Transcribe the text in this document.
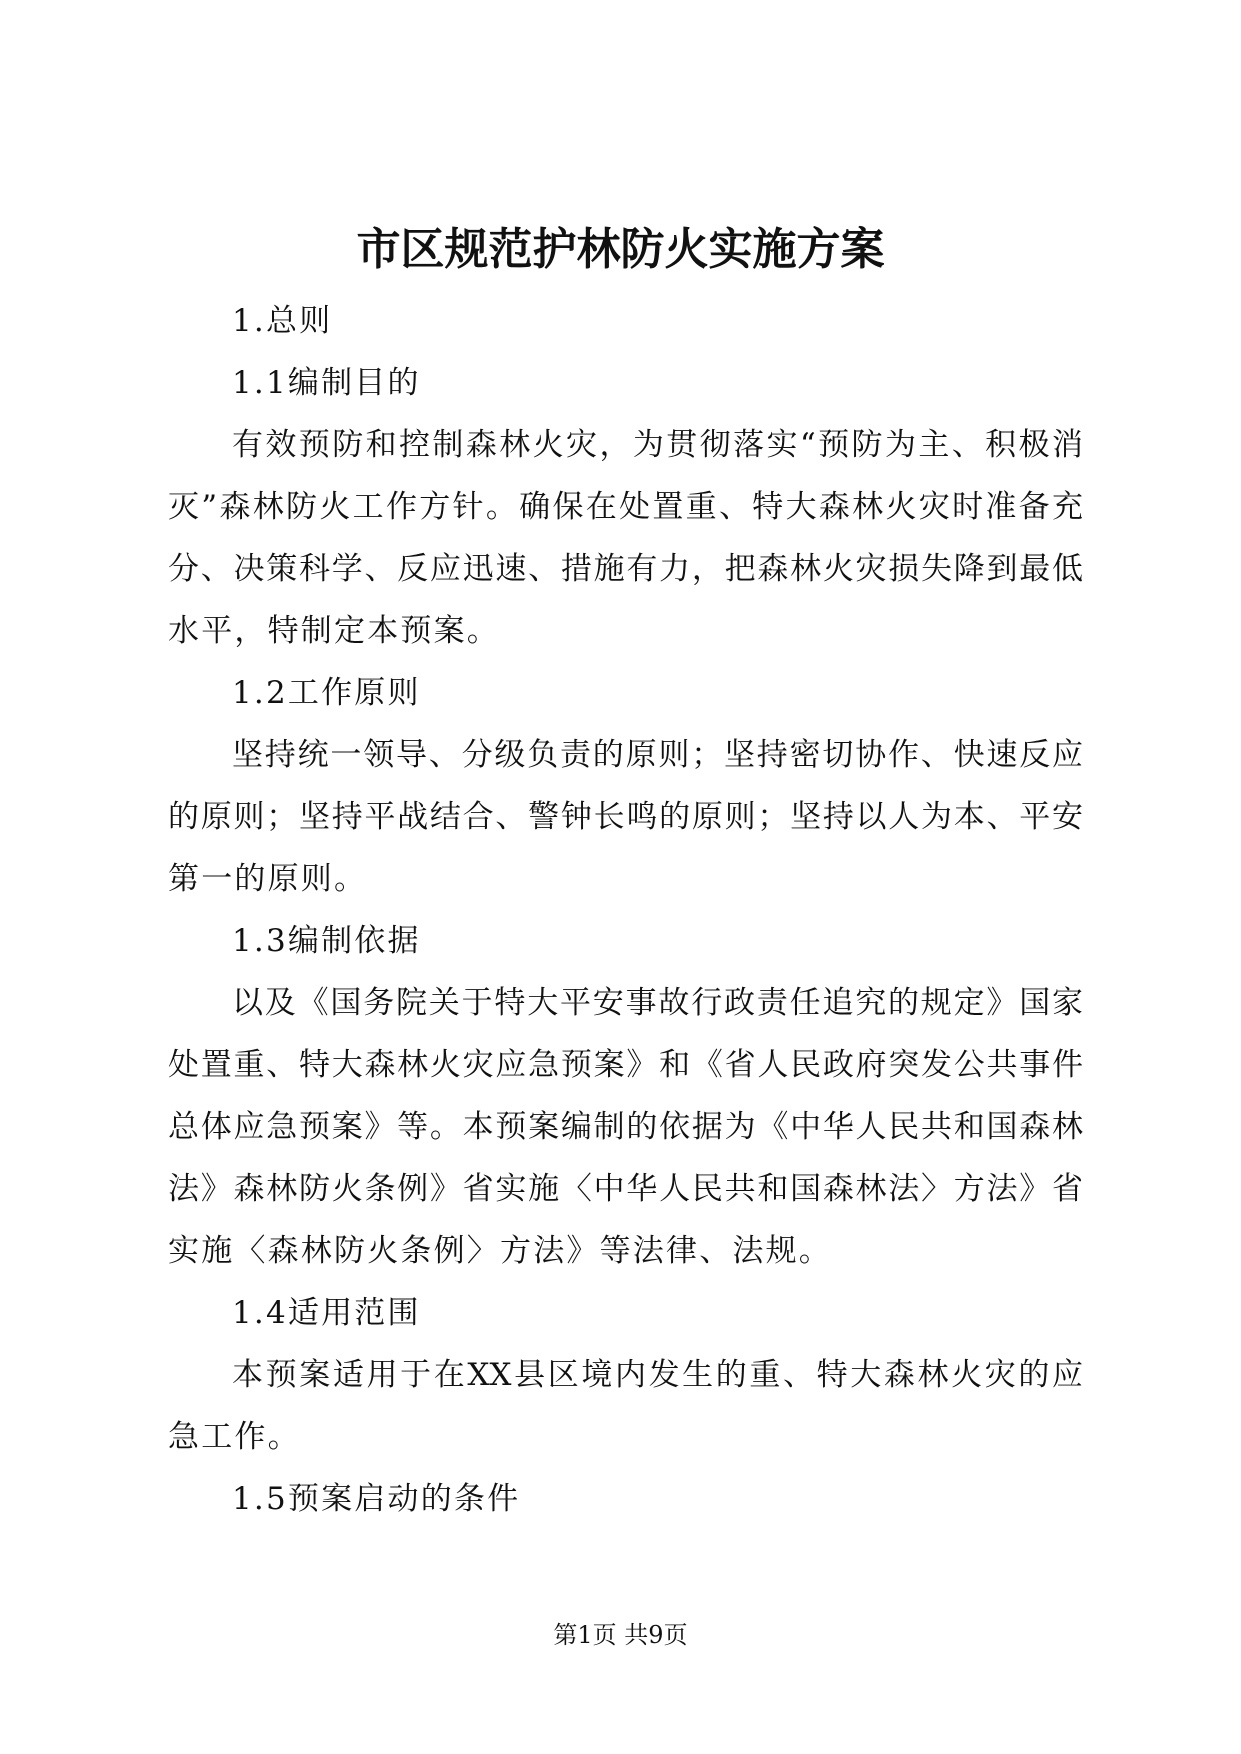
市区规范护林防火实施方案
1.总则
1.1编制目的
有效预防和控制森林火灾，为贯彻落实“预防为主、积极消
灭”森林防火工作方针。确保在处置重、特大森林火灾时准备充
分、决策科学、反应迅速、措施有力，把森林火灾损失降到最低
水平，特制定本预案。
1.2工作原则
坚持统一领导、分级负责的原则；坚持密切协作、快速反应
的原则；坚持平战结合、警钟长鸣的原则；坚持以人为本、平安
第一的原则。
1.3编制依据
以及《国务院关于特大平安事故行政责任追究的规定》国家
处置重、特大森林火灾应急预案》和《省人民政府突发公共事件
总体应急预案》等。本预案编制的依据为《中华人民共和国森林
法》森林防火条例》省实施〈中华人民共和国森林法〉方法》省
实施〈森林防火条例〉方法》等法律、法规。
1.4适用范围
本预案适用于在XX县区境内发生的重、特大森林火灾的应
急工作。
1.5预案启动的条件
第1页 共9页
